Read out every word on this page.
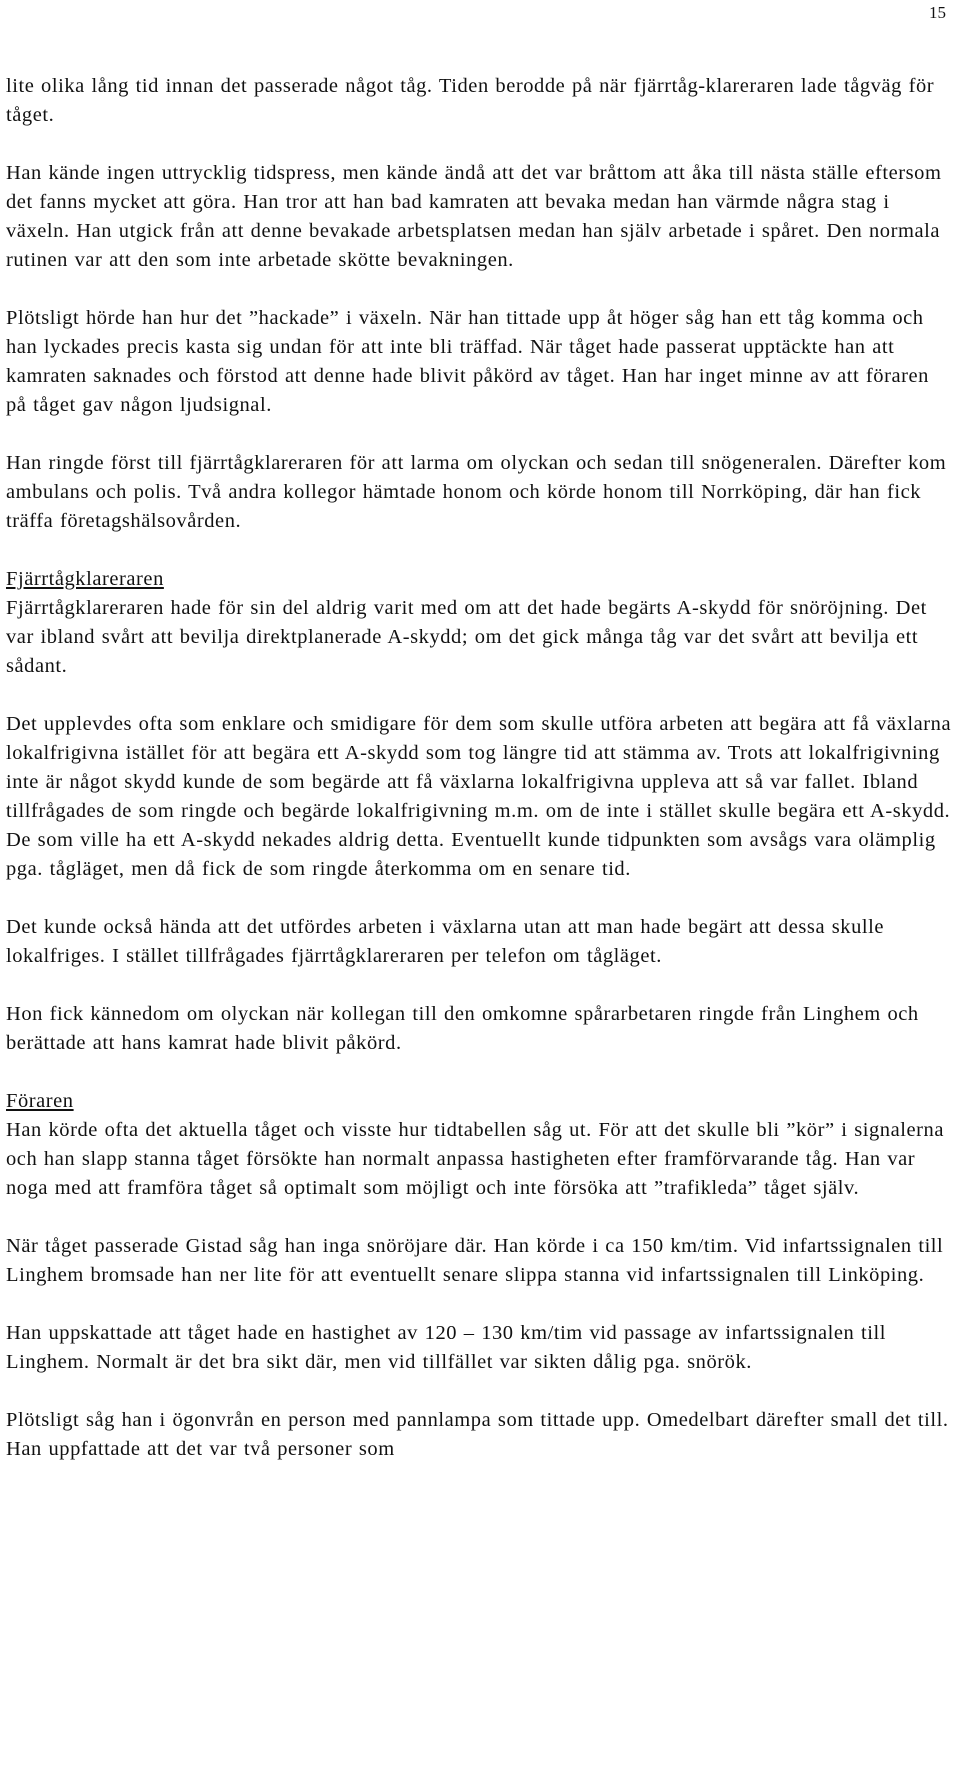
15

lite olika lång tid innan det passerade något tåg. Tiden berodde på när fjärrtåg-klareraren lade tågväg för tåget.

Han kände ingen uttrycklig tidspress, men kände ändå att det var bråttom att åka till nästa ställe eftersom det fanns mycket att göra. Han tror att han bad kamraten att bevaka medan han värmde några stag i växeln. Han utgick från att denne bevakade arbetsplatsen medan han själv arbetade i spåret. Den normala rutinen var att den som inte arbetade skötte bevakningen.

Plötsligt hörde han hur det ”hackade” i växeln. När han tittade upp åt höger såg han ett tåg komma och han lyckades precis kasta sig undan för att inte bli träffad. När tåget hade passerat upptäckte han att kamraten saknades och förstod att denne hade blivit påkörd av tåget. Han har inget minne av att föraren på tåget gav någon ljudsignal.

Han ringde först till fjärrtågklareraren för att larma om olyckan och sedan till snögeneralen. Därefter kom ambulans och polis. Två andra kollegor hämtade honom och körde honom till Norrköping, där han fick träffa företagshälsovården.

Fjärrtågklareraren

Fjärrtågklareraren hade för sin del aldrig varit med om att det hade begärts A-skydd för snöröjning. Det var ibland svårt att bevilja direktplanerade A-skydd; om det gick många tåg var det svårt att bevilja ett sådant.

Det upplevdes ofta som enklare och smidigare för dem som skulle utföra arbeten att begära att få växlarna lokalfrigivna istället för att begära ett A-skydd som tog längre tid att stämma av. Trots att lokalfrigivning inte är något skydd kunde de som begärde att få växlarna lokalfrigivna uppleva att så var fallet. Ibland tillfrågades de som ringde och begärde lokalfrigivning m.m. om de inte i stället skulle begära ett A-skydd. De som ville ha ett A-skydd nekades aldrig detta. Eventuellt kunde tidpunkten som avsågs vara olämplig pga. tågläget, men då fick de som ringde återkomma om en senare tid.

Det kunde också hända att det utfördes arbeten i växlarna utan att man hade begärt att dessa skulle lokalfriges. I stället tillfrågades fjärrtågklareraren per telefon om tågläget.

Hon fick kännedom om olyckan när kollegan till den omkomne spårarbetaren ringde från Linghem och berättade att hans kamrat hade blivit påkörd.

Föraren

Han körde ofta det aktuella tåget och visste hur tidtabellen såg ut. För att det skulle bli ”kör” i signalerna och han slapp stanna tåget försökte han normalt anpassa hastigheten efter framförvarande tåg. Han var noga med att framföra tåget så optimalt som möjligt och inte försöka att ”trafikleda” tåget själv.

När tåget passerade Gistad såg han inga snöröjare där. Han körde i ca 150 km/tim. Vid infartssignalen till Linghem bromsade han ner lite för att eventuellt senare slippa stanna vid infartssignalen till Linköping.

Han uppskattade att tåget hade en hastighet av 120 – 130 km/tim vid passage av infartssignalen till Linghem. Normalt är det bra sikt där, men vid tillfället var sikten dålig pga. snörök.

Plötsligt såg han i ögonvrån en person med pannlampa som tittade upp. Omedelbart därefter small det till. Han uppfattade att det var två personer som
